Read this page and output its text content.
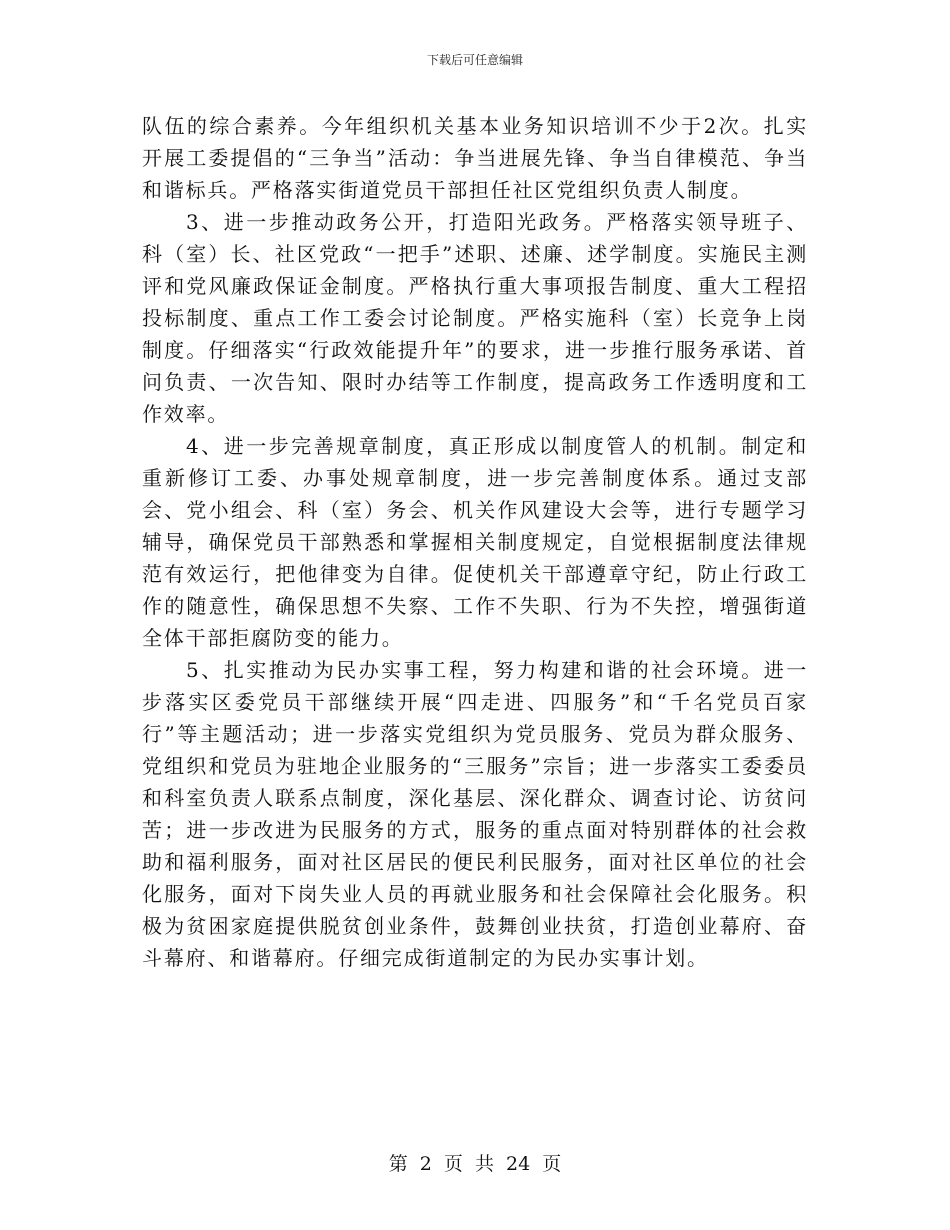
下载后可任意编辑

队伍的综合素养。今年组织机关基本业务知识培训不少于2次。扎实开展工委提倡的“三争当”活动：争当进展先锋、争当自律模范、争当和谐标兵。严格落实街道党员干部担任社区党组织负责人制度。

3、进一步推动政务公开，打造阳光政务。严格落实领导班子、科（室）长、社区党政“一把手”述职、述廉、述学制度。实施民主测评和党风廉政保证金制度。严格执行重大事项报告制度、重大工程招投标制度、重点工作工委会讨论制度。严格实施科（室）长竞争上岗制度。仔细落实“行政效能提升年”的要求，进一步推行服务承诺、首问负责、一次告知、限时办结等工作制度，提高政务工作透明度和工作效率。

4、进一步完善规章制度，真正形成以制度管人的机制。制定和重新修订工委、办事处规章制度，进一步完善制度体系。通过支部会、党小组会、科（室）务会、机关作风建设大会等，进行专题学习辅导，确保党员干部熟悉和掌握相关制度规定，自觉根据制度法律规范有效运行，把他律变为自律。促使机关干部遵章守纪，防止行政工作的随意性，确保思想不失察、工作不失职、行为不失控，增强街道全体干部拒腐防变的能力。

5、扎实推动为民办实事工程，努力构建和谐的社会环境。进一步落实区委党员干部继续开展“四走进、四服务”和“千名党员百家行”等主题活动；进一步落实党组织为党员服务、党员为群众服务、党组织和党员为驻地企业服务的“三服务”宗旨；进一步落实工委委员和科室负责人联系点制度，深化基层、深化群众、调查讨论、访贫问苦；进一步改进为民服务的方式，服务的重点面对特别群体的社会救助和福利服务，面对社区居民的便民利民服务，面对社区单位的社会化服务，面对下岗失业人员的再就业服务和社会保障社会化服务。积极为贫困家庭提供脱贫创业条件，鼓舞创业扶贫，打造创业幕府、奋斗幕府、和谐幕府。仔细完成街道制定的为民办实事计划。

第 2 页 共 24 页
